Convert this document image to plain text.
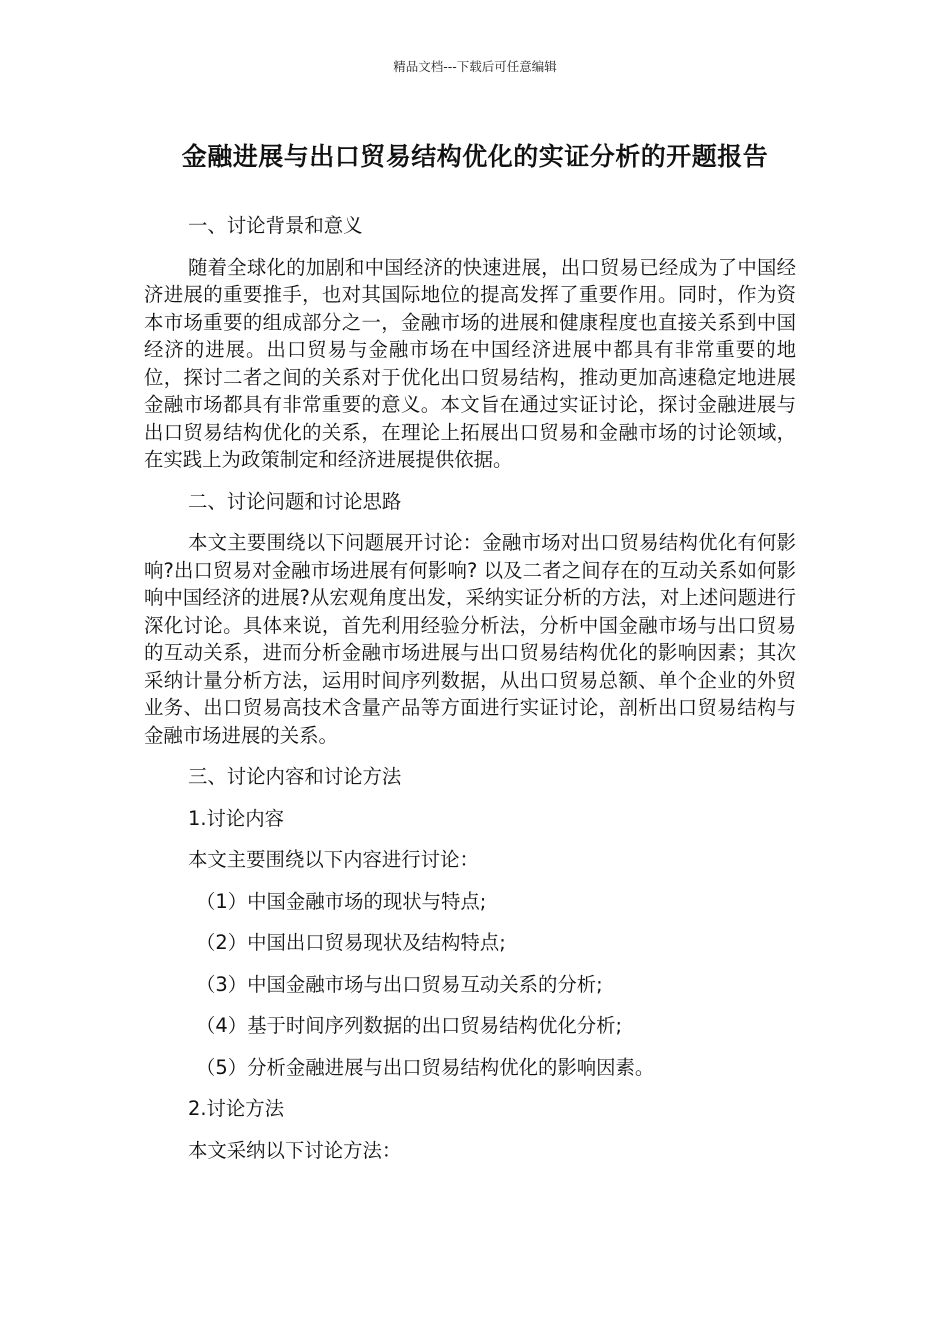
精品文档---下载后可任意编辑
金融进展与出口贸易结构优化的实证分析的开题报告

一、讨论背景和意义

随着全球化的加剧和中国经济的快速进展，出口贸易已经成为了中国经济进展的重要推手，也对其国际地位的提高发挥了重要作用。同时，作为资本市场重要的组成部分之一，金融市场的进展和健康程度也直接关系到中国经济的进展。出口贸易与金融市场在中国经济进展中都具有非常重要的地位，探讨二者之间的关系对于优化出口贸易结构，推动更加高速稳定地进展金融市场都具有非常重要的意义。本文旨在通过实证讨论，探讨金融进展与出口贸易结构优化的关系，在理论上拓展出口贸易和金融市场的讨论领域，在实践上为政策制定和经济进展提供依据。

二、讨论问题和讨论思路

本文主要围绕以下问题展开讨论：金融市场对出口贸易结构优化有何影响?出口贸易对金融市场进展有何影响? 以及二者之间存在的互动关系如何影响中国经济的进展?从宏观角度出发，采纳实证分析的方法，对上述问题进行深化讨论。具体来说，首先利用经验分析法，分析中国金融市场与出口贸易的互动关系，进而分析金融市场进展与出口贸易结构优化的影响因素；其次采纳计量分析方法，运用时间序列数据，从出口贸易总额、单个企业的外贸业务、出口贸易高技术含量产品等方面进行实证讨论，剖析出口贸易结构与金融市场进展的关系。

三、讨论内容和讨论方法

1.讨论内容

本文主要围绕以下内容进行讨论：

（1）中国金融市场的现状与特点;

（2）中国出口贸易现状及结构特点;

（3）中国金融市场与出口贸易互动关系的分析;

（4）基于时间序列数据的出口贸易结构优化分析;

（5）分析金融进展与出口贸易结构优化的影响因素。

2.讨论方法

本文采纳以下讨论方法：
